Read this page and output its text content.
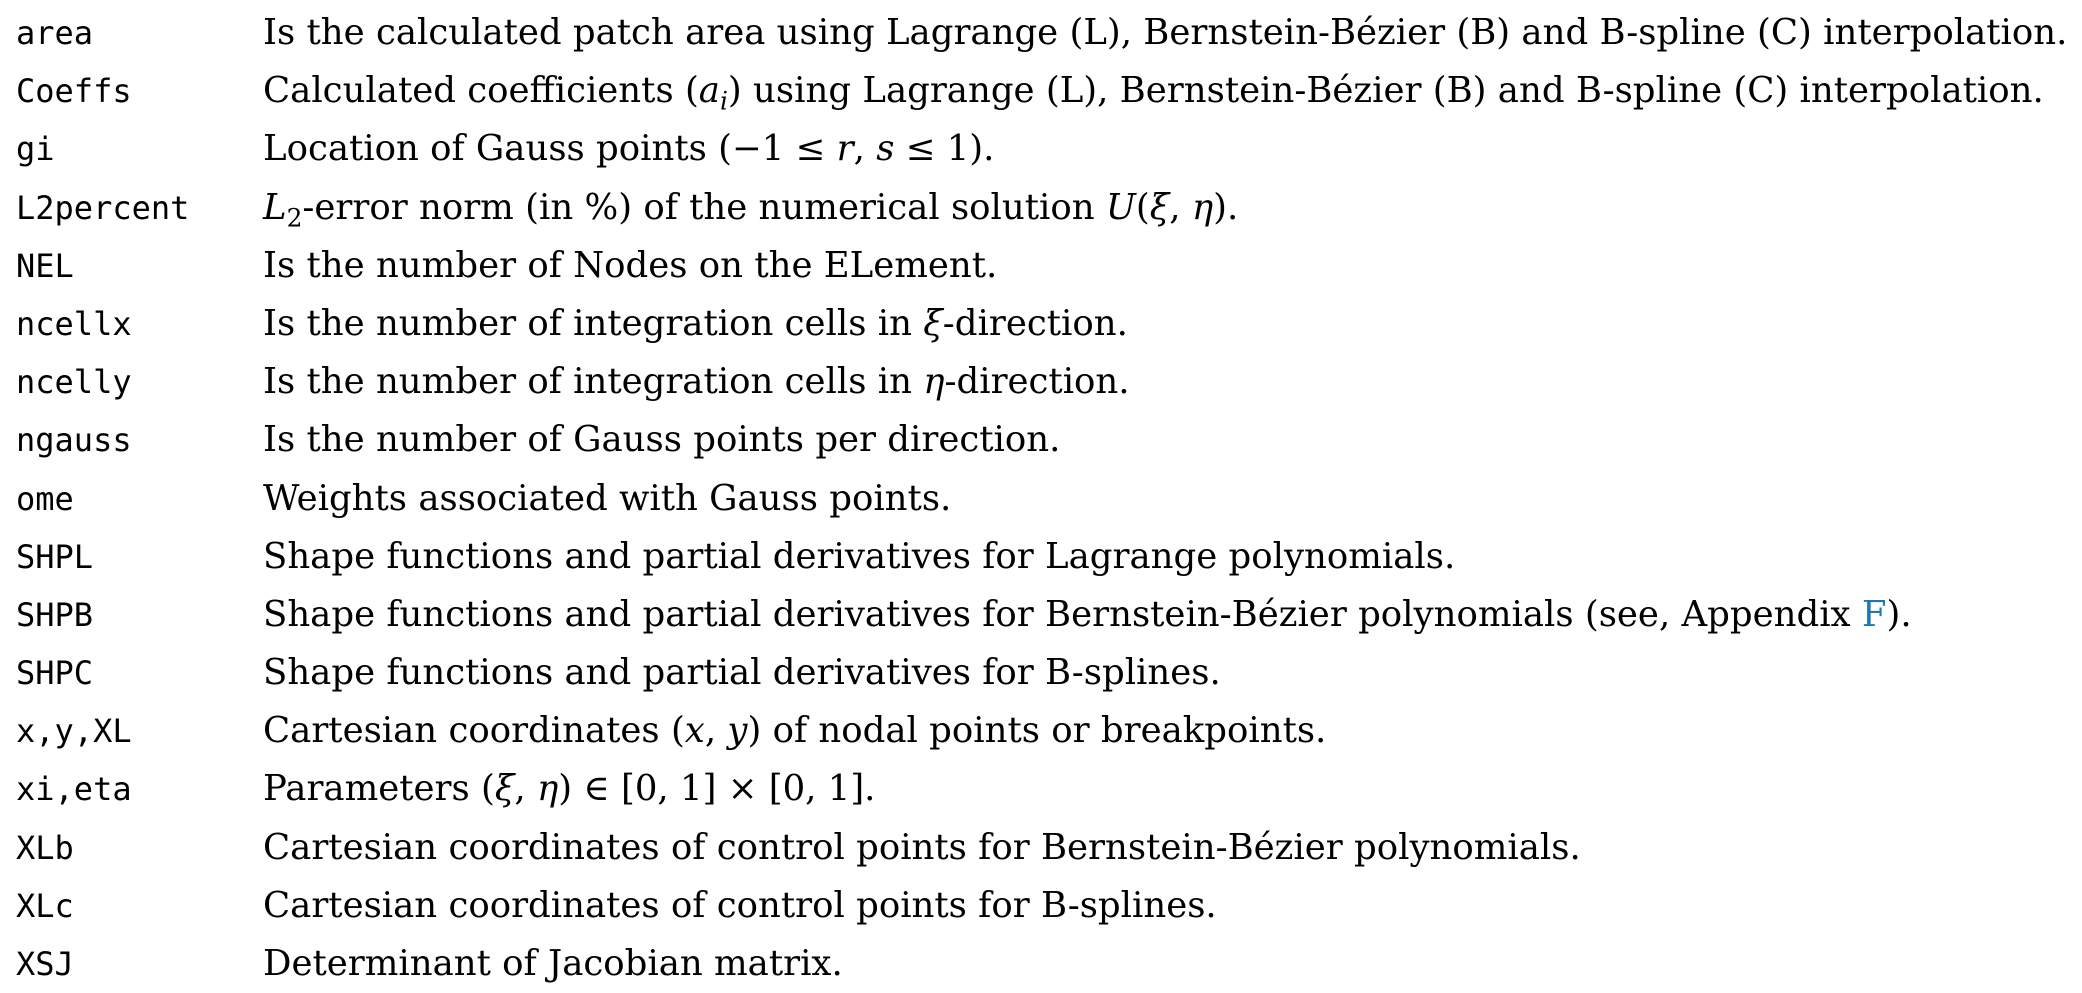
area	Is the calculated patch area using Lagrange (L), Bernstein-Bézier (B) and B-spline (C) interpolation.
Coeffs	Calculated coefficients $(a_i)$ using Lagrange (L), Bernstein-Bézier (B) and B-spline (C) interpolation.
gi	Location of Gauss points (−1 ≤ r, s ≤ 1).
L2percent	$L_2$-error norm (in %) of the numerical solution U(ξ, η).
NEL	Is the number of Nodes on the ELement.
ncellx	Is the number of integration cells in ξ-direction.
ncelly	Is the number of integration cells in η-direction.
ngauss	Is the number of Gauss points per direction.
ome	Weights associated with Gauss points.
SHPL	Shape functions and partial derivatives for Lagrange polynomials.
SHPB	Shape functions and partial derivatives for Bernstein-Bézier polynomials (see, Appendix F).
SHPC	Shape functions and partial derivatives for B-splines.
x,y,XL	Cartesian coordinates (x, y) of nodal points or breakpoints.
xi,eta	Parameters (ξ, η) ∈ [0, 1] × [0, 1].
XLb	Cartesian coordinates of control points for Bernstein-Bézier polynomials.
XLc	Cartesian coordinates of control points for B-splines.
XSJ	Determinant of Jacobian matrix.
